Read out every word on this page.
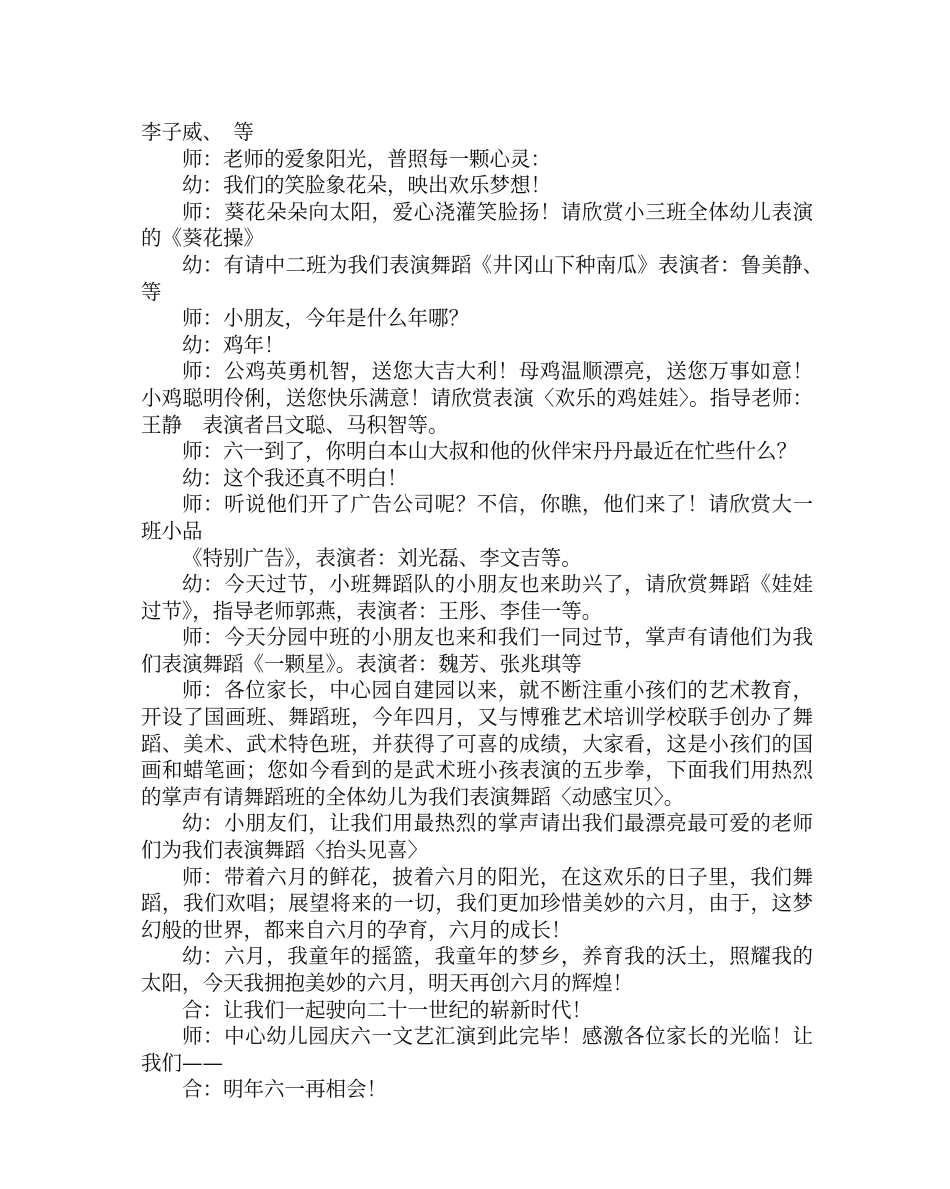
李子威、　等

师：老师的爱象阳光，普照每一颗心灵：

幼：我们的笑脸象花朵，映出欢乐梦想！

师：葵花朵朵向太阳，爱心浇灌笑脸扬！请欣赏小三班全体幼儿表演的《葵花操》

幼：有请中二班为我们表演舞蹈《井冈山下种南瓜》表演者：鲁美静、　等

师：小朋友，今年是什么年哪？

幼：鸡年！

师：公鸡英勇机智，送您大吉大利！母鸡温顺漂亮，送您万事如意！小鸡聪明伶俐，送您快乐满意！请欣赏表演〈欢乐的鸡娃娃〉。指导老师：王静　表演者吕文聪、马积智等。

师：六一到了，你明白本山大叔和他的伙伴宋丹丹最近在忙些什么？

幼：这个我还真不明白！

师：听说他们开了广告公司呢？不信，你瞧，他们来了！请欣赏大一班小品

《特别广告》，表演者：刘光磊、李文吉等。

幼：今天过节，小班舞蹈队的小朋友也来助兴了，请欣赏舞蹈《娃娃过节》，指导老师郭燕，表演者：王彤、李佳一等。

师：今天分园中班的小朋友也来和我们一同过节，掌声有请他们为我们表演舞蹈《一颗星》。表演者：魏芳、张兆琪等

师：各位家长，中心园自建园以来，就不断注重小孩们的艺术教育，开设了国画班、舞蹈班，今年四月，又与博雅艺术培训学校联手创办了舞蹈、美术、武术特色班，并获得了可喜的成绩，大家看，这是小孩们的国画和蜡笔画；您如今看到的是武术班小孩表演的五步拳，下面我们用热烈的掌声有请舞蹈班的全体幼儿为我们表演舞蹈〈动感宝贝〉。

幼：小朋友们，让我们用最热烈的掌声请出我们最漂亮最可爱的老师们为我们表演舞蹈〈抬头见喜〉

师：带着六月的鲜花，披着六月的阳光，在这欢乐的日子里，我们舞蹈，我们欢唱；展望将来的一切，我们更加珍惜美妙的六月，由于，这梦幻般的世界，都来自六月的孕育，六月的成长！

幼：六月，我童年的摇篮，我童年的梦乡，养育我的沃土，照耀我的太阳，今天我拥抱美妙的六月，明天再创六月的辉煌！

合：让我们一起驶向二十一世纪的崭新时代！

师：中心幼儿园庆六一文艺汇演到此完毕！感激各位家长的光临！让我们——

合：明年六一再相会！
